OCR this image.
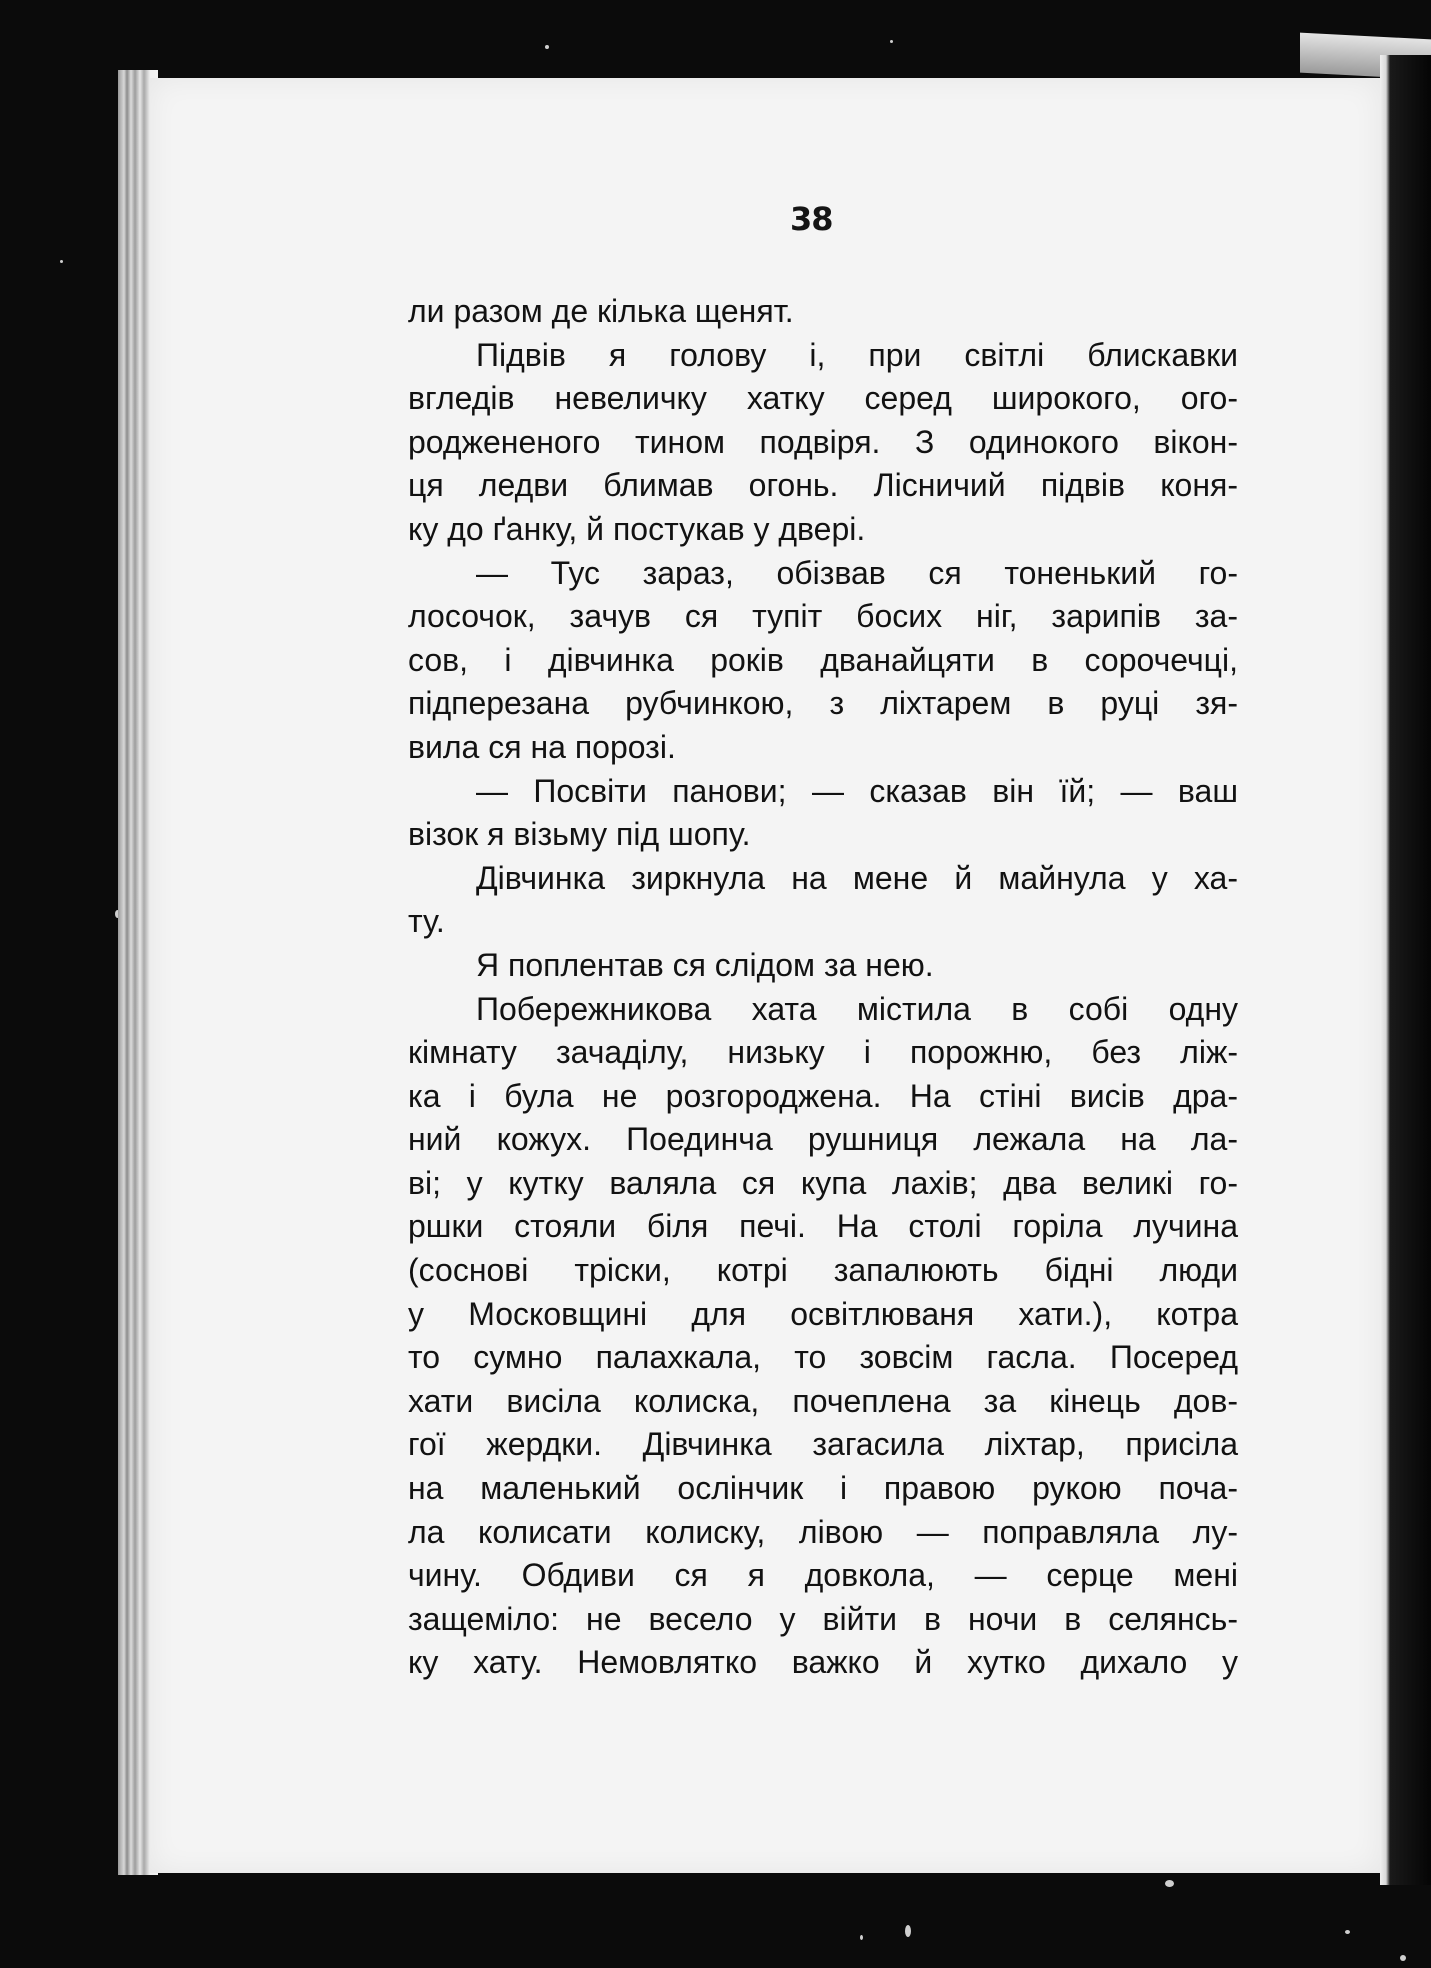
38
ли разом де кілька щенят.
Підвів я голову і, при світлі блискавки
вгледів невеличку хатку серед широкого, ого-
роджененого тином подвіря. З одинокого вікон-
ця ледви блимав огонь. Лісничий підвів коня-
ку до ґанку, й постукав у двері.
— Тус зараз, обізвав ся тоненький го-
лосочок, зачув ся тупіт босих ніг, зарипів за-
сов, і дівчинка років дванайцяти в сорочечці,
підперезана рубчинкою, з ліхтарем в руці зя-
вила ся на порозі.
— Посвіти панови; — сказав він їй; — ваш
візок я візьму під шопу.
Дівчинка зиркнула на мене й майнула у ха-
ту.
Я поплентав ся слідом за нею.
Побережникова хата містила в собі одну
кімнату зачаділу, низьку і порожню, без ліж-
ка і була не розгороджена. На стіні висів дра-
ний кожух. Поединча рушниця лежала на ла-
ві; у кутку валяла ся купа лахів; два великі го-
ршки стояли біля печі. На столі горіла лучина
(соснові тріски, котрі запалюють бідні люди
у Московщині для освітлюваня хати.), котра
то сумно палахкала, то зовсім гасла. Посеред
хати висіла колиска, почеплена за кінець дов-
гої жердки. Дівчинка загасила ліхтар, присіла
на маленький ослінчик і правою рукою поча-
ла колисати колиску, лівою — поправляла лу-
чину. Обдиви ся я довкола, — серце мені
защеміло: не весело у війти в ночи в селянсь-
ку хату. Немовлятко важко й хутко дихало у
